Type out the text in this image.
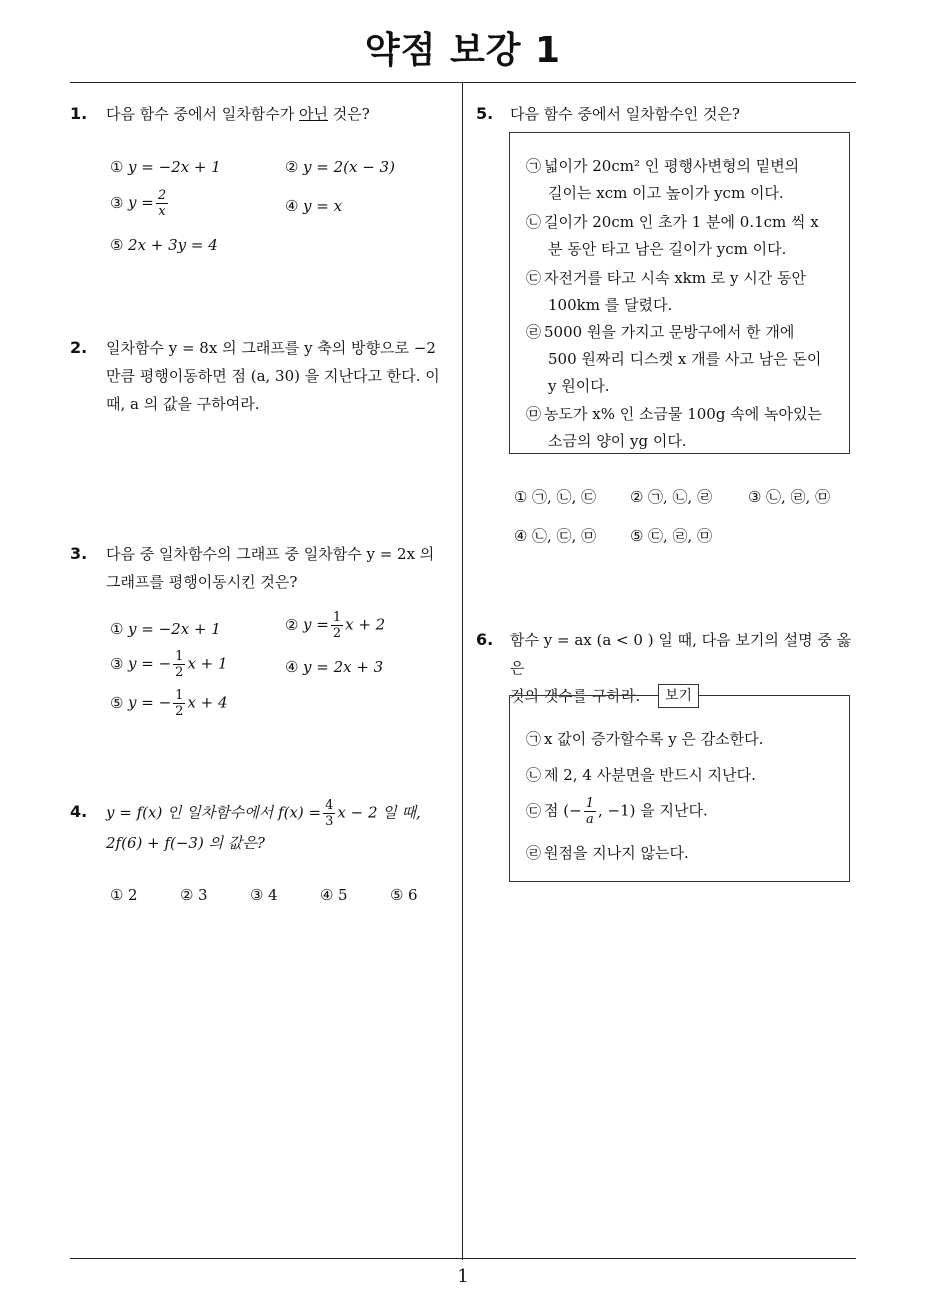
약점 보강 1
1
1. 다음 함수 중에서 일차함수가 아닌 것은?
① y = −2x + 1	② y = 2(x − 3)
③ $y = \frac{2}{x}$	④ y = x
⑤ 2x + 3y = 4
2. 일차함수 y = 8x 의 그래프를 y 축의 방향으로 −2
만큼 평행이동하면 점 (a, 30) 을 지난다고 한다. 이
때, a 의 값을 구하여라.
3. 다음 중 일차함수의 그래프 중 일차함수 y = 2x 의
그래프를 평행이동시킨 것은?
① y = −2x + 1	② $y = \frac{1}{2}$ x + 2
③ y = − $\frac{1}{2}$ x + 1	④ y = 2x + 3
⑤ y = − $\frac{1}{2}$ x + 4
4. y = f(x) 인 일차함수에서 $f(x) = \frac{4}{3}$ x − 2 일 때,
2f(6) + f(−3) 의 값은?
① 2	② 3	③ 4	④ 5	⑤ 6
5. 다음 함수 중에서 일차함수인 것은?
㉠ 넓이가 20cm² 인 평행사변형의 밑변의
길이는 xcm 이고 높이가 ycm 이다.
㉡ 길이가 20cm 인 초가 1 분에 0.1cm 씩 x
분 동안 타고 남은 길이가 ycm 이다.
㉢ 자전거를 타고 시속 xkm 로 y 시간 동안
100km 를 달렸다.
㉣ 5000 원을 가지고 문방구에서 한 개에
500 원짜리 디스켓 x 개를 사고 남은 돈이
y 원이다.
㉤ 농도가 x% 인 소금물 100g 속에 녹아있는
소금의 양이 yg 이다.
① ㉠, ㉡, ㉢ ② ㉠, ㉡, ㉣ ③ ㉡, ㉣, ㉤
④ ㉡, ㉢, ㉤ ⑤ ㉢, ㉣, ㉤
6. 함수 y = ax (a < 0 ) 일 때, 다음 보기의 설명 중 옳은
것의 갯수를 구하라.
㉠ x 값이 증가할수록 y 은 감소한다.
㉡ 제 2, 4 사분면을 반드시 지난다.
㉢ 점 (− $\frac{1}{a}$ , −1) 을 지난다.
㉣ 원점을 지나지 않는다.
보기
